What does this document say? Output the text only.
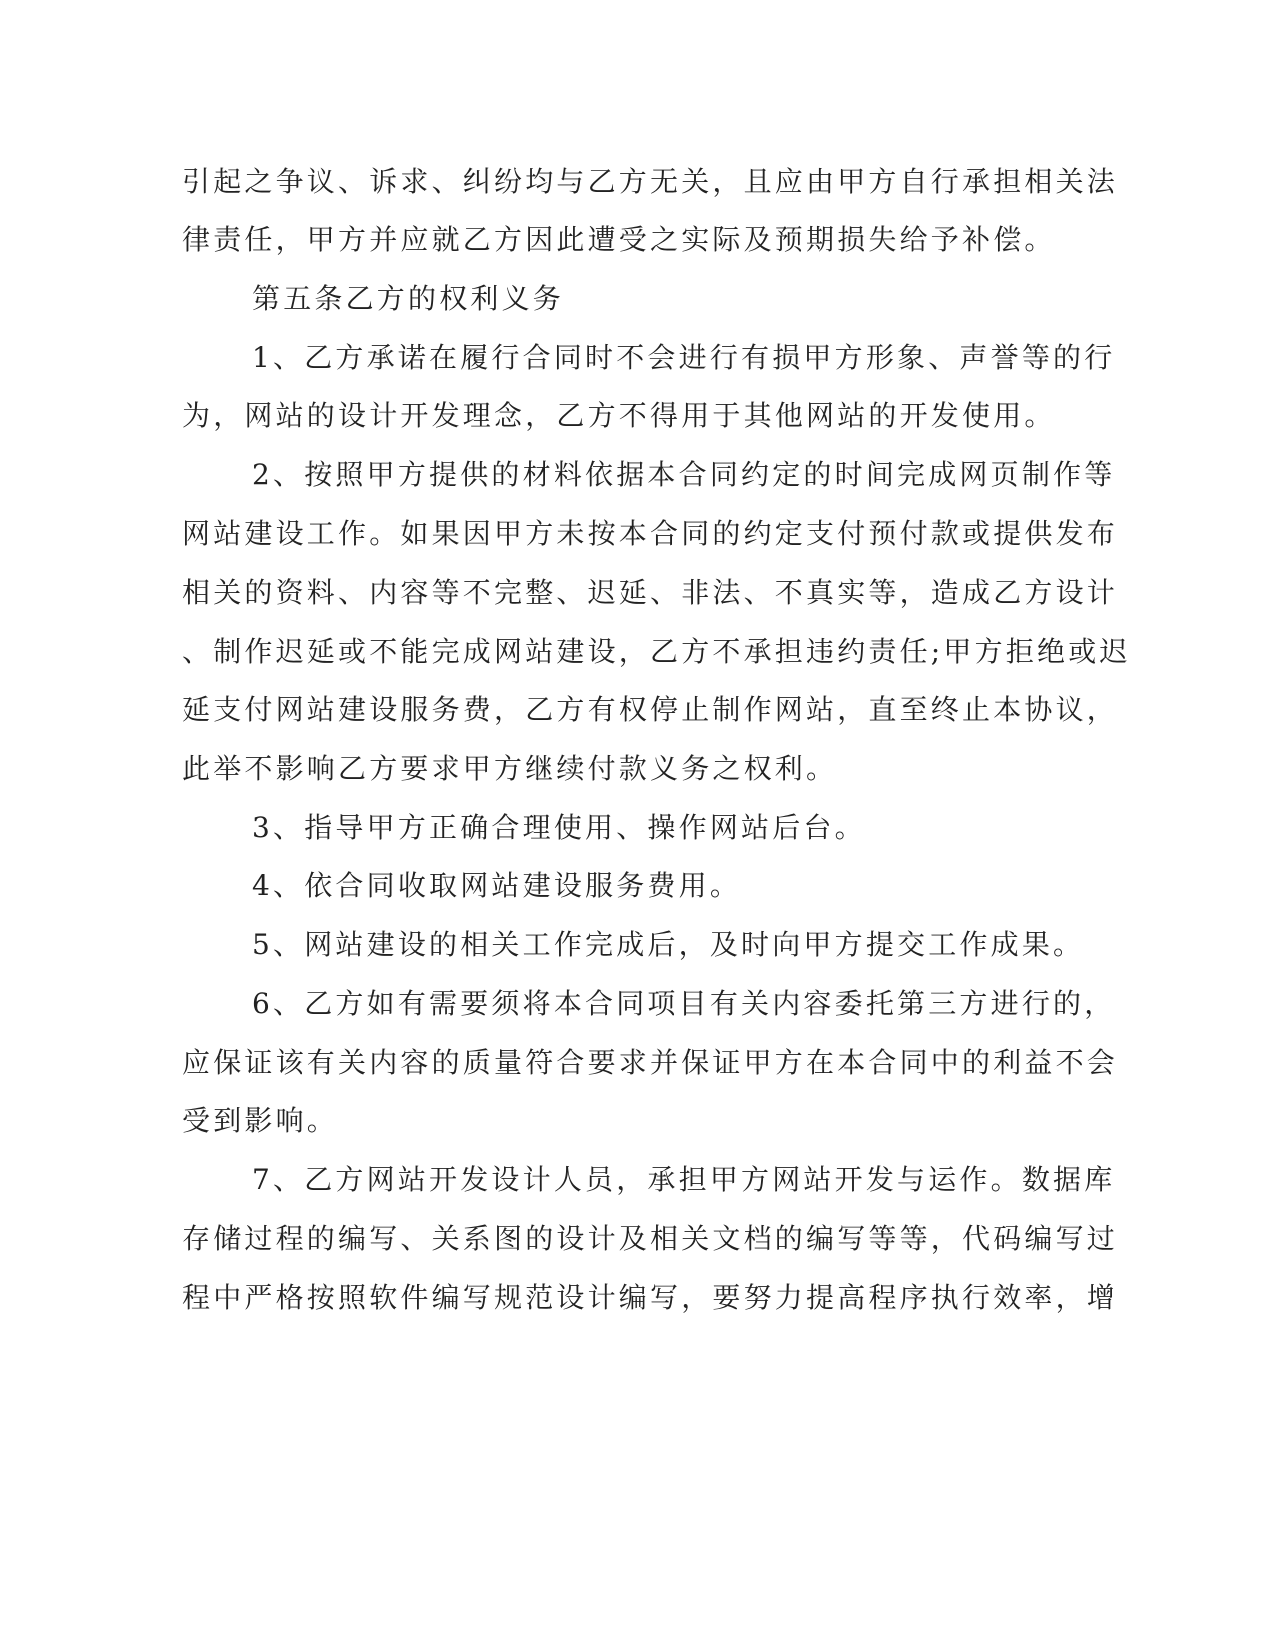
引起之争议、诉求、纠纷均与乙方无关，且应由甲方自行承担相关法
律责任，甲方并应就乙方因此遭受之实际及预期损失给予补偿。
第五条乙方的权利义务
1、乙方承诺在履行合同时不会进行有损甲方形象、声誉等的行
为，网站的设计开发理念，乙方不得用于其他网站的开发使用。
2、按照甲方提供的材料依据本合同约定的时间完成网页制作等
网站建设工作。如果因甲方未按本合同的约定支付预付款或提供发布
相关的资料、内容等不完整、迟延、非法、不真实等，造成乙方设计
、制作迟延或不能完成网站建设，乙方不承担违约责任;甲方拒绝或迟
延支付网站建设服务费，乙方有权停止制作网站，直至终止本协议，
此举不影响乙方要求甲方继续付款义务之权利。
3、指导甲方正确合理使用、操作网站后台。
4、依合同收取网站建设服务费用。
5、网站建设的相关工作完成后，及时向甲方提交工作成果。
6、乙方如有需要须将本合同项目有关内容委托第三方进行的，
应保证该有关内容的质量符合要求并保证甲方在本合同中的利益不会
受到影响。
7、乙方网站开发设计人员，承担甲方网站开发与运作。数据库
存储过程的编写、关系图的设计及相关文档的编写等等，代码编写过
程中严格按照软件编写规范设计编写，要努力提高程序执行效率，增
